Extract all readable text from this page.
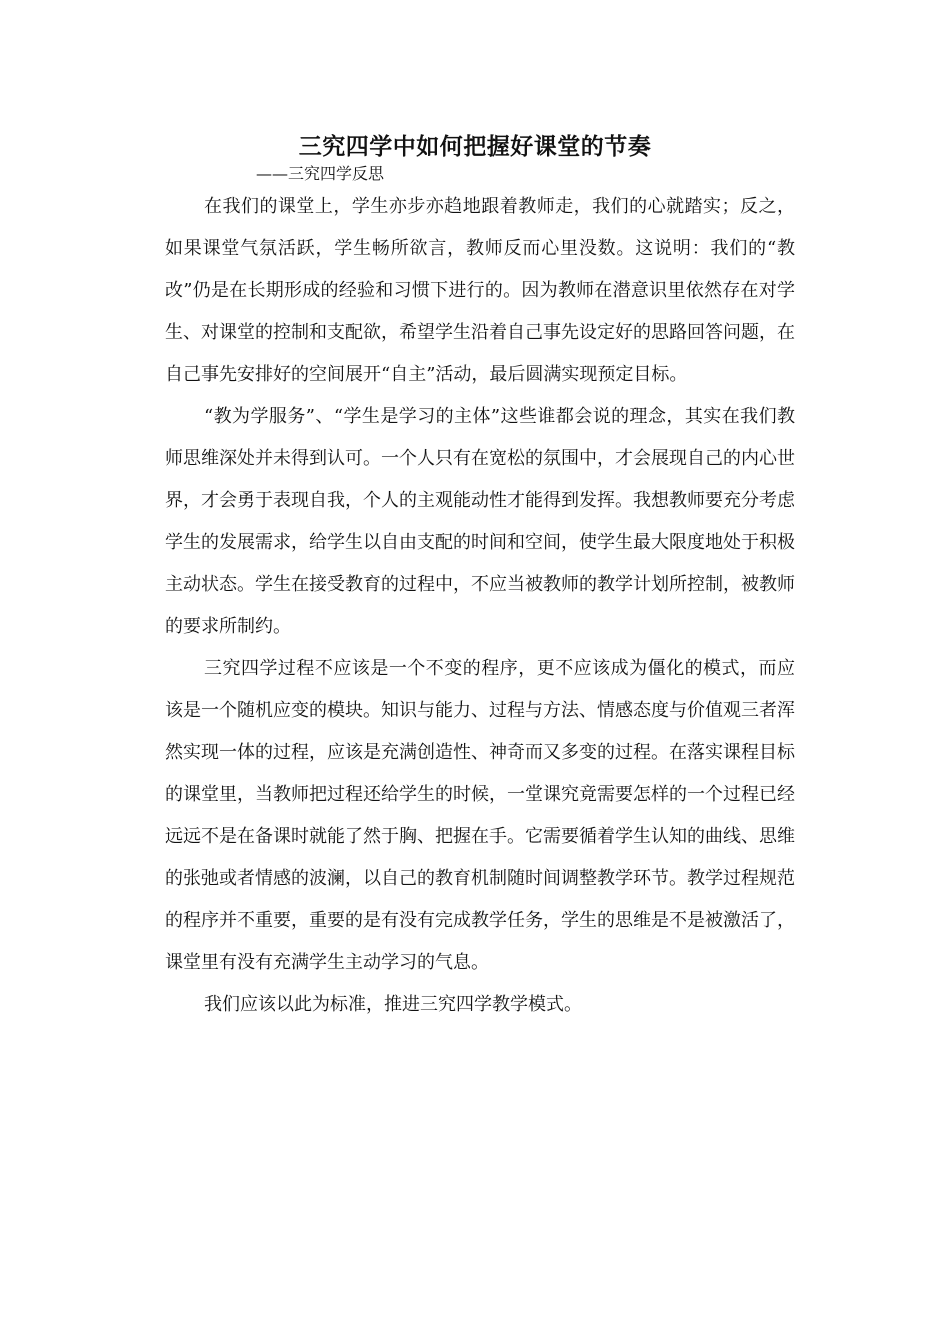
三究四学中如何把握好课堂的节奏
——三究四学反思

在我们的课堂上，学生亦步亦趋地跟着教师走，我们的心就踏实；反之，如果课堂气氛活跃，学生畅所欲言，教师反而心里没数。这说明：我们的“教改”仍是在长期形成的经验和习惯下进行的。因为教师在潜意识里依然存在对学生、对课堂的控制和支配欲，希望学生沿着自己事先设定好的思路回答问题，在自己事先安排好的空间展开“自主”活动，最后圆满实现预定目标。

“教为学服务”、“学生是学习的主体”这些谁都会说的理念，其实在我们教师思维深处并未得到认可。一个人只有在宽松的氛围中，才会展现自己的内心世界，才会勇于表现自我，个人的主观能动性才能得到发挥。我想教师要充分考虑学生的发展需求，给学生以自由支配的时间和空间，使学生最大限度地处于积极主动状态。学生在接受教育的过程中，不应当被教师的教学计划所控制，被教师的要求所制约。

三究四学过程不应该是一个不变的程序，更不应该成为僵化的模式，而应该是一个随机应变的模块。知识与能力、过程与方法、情感态度与价值观三者浑然实现一体的过程，应该是充满创造性、神奇而又多变的过程。在落实课程目标的课堂里，当教师把过程还给学生的时候，一堂课究竟需要怎样的一个过程已经远远不是在备课时就能了然于胸、把握在手。它需要循着学生认知的曲线、思维的张弛或者情感的波澜，以自己的教育机制随时间调整教学环节。教学过程规范的程序并不重要，重要的是有没有完成教学任务，学生的思维是不是被激活了，课堂里有没有充满学生主动学习的气息。

我们应该以此为标准，推进三究四学教学模式。
